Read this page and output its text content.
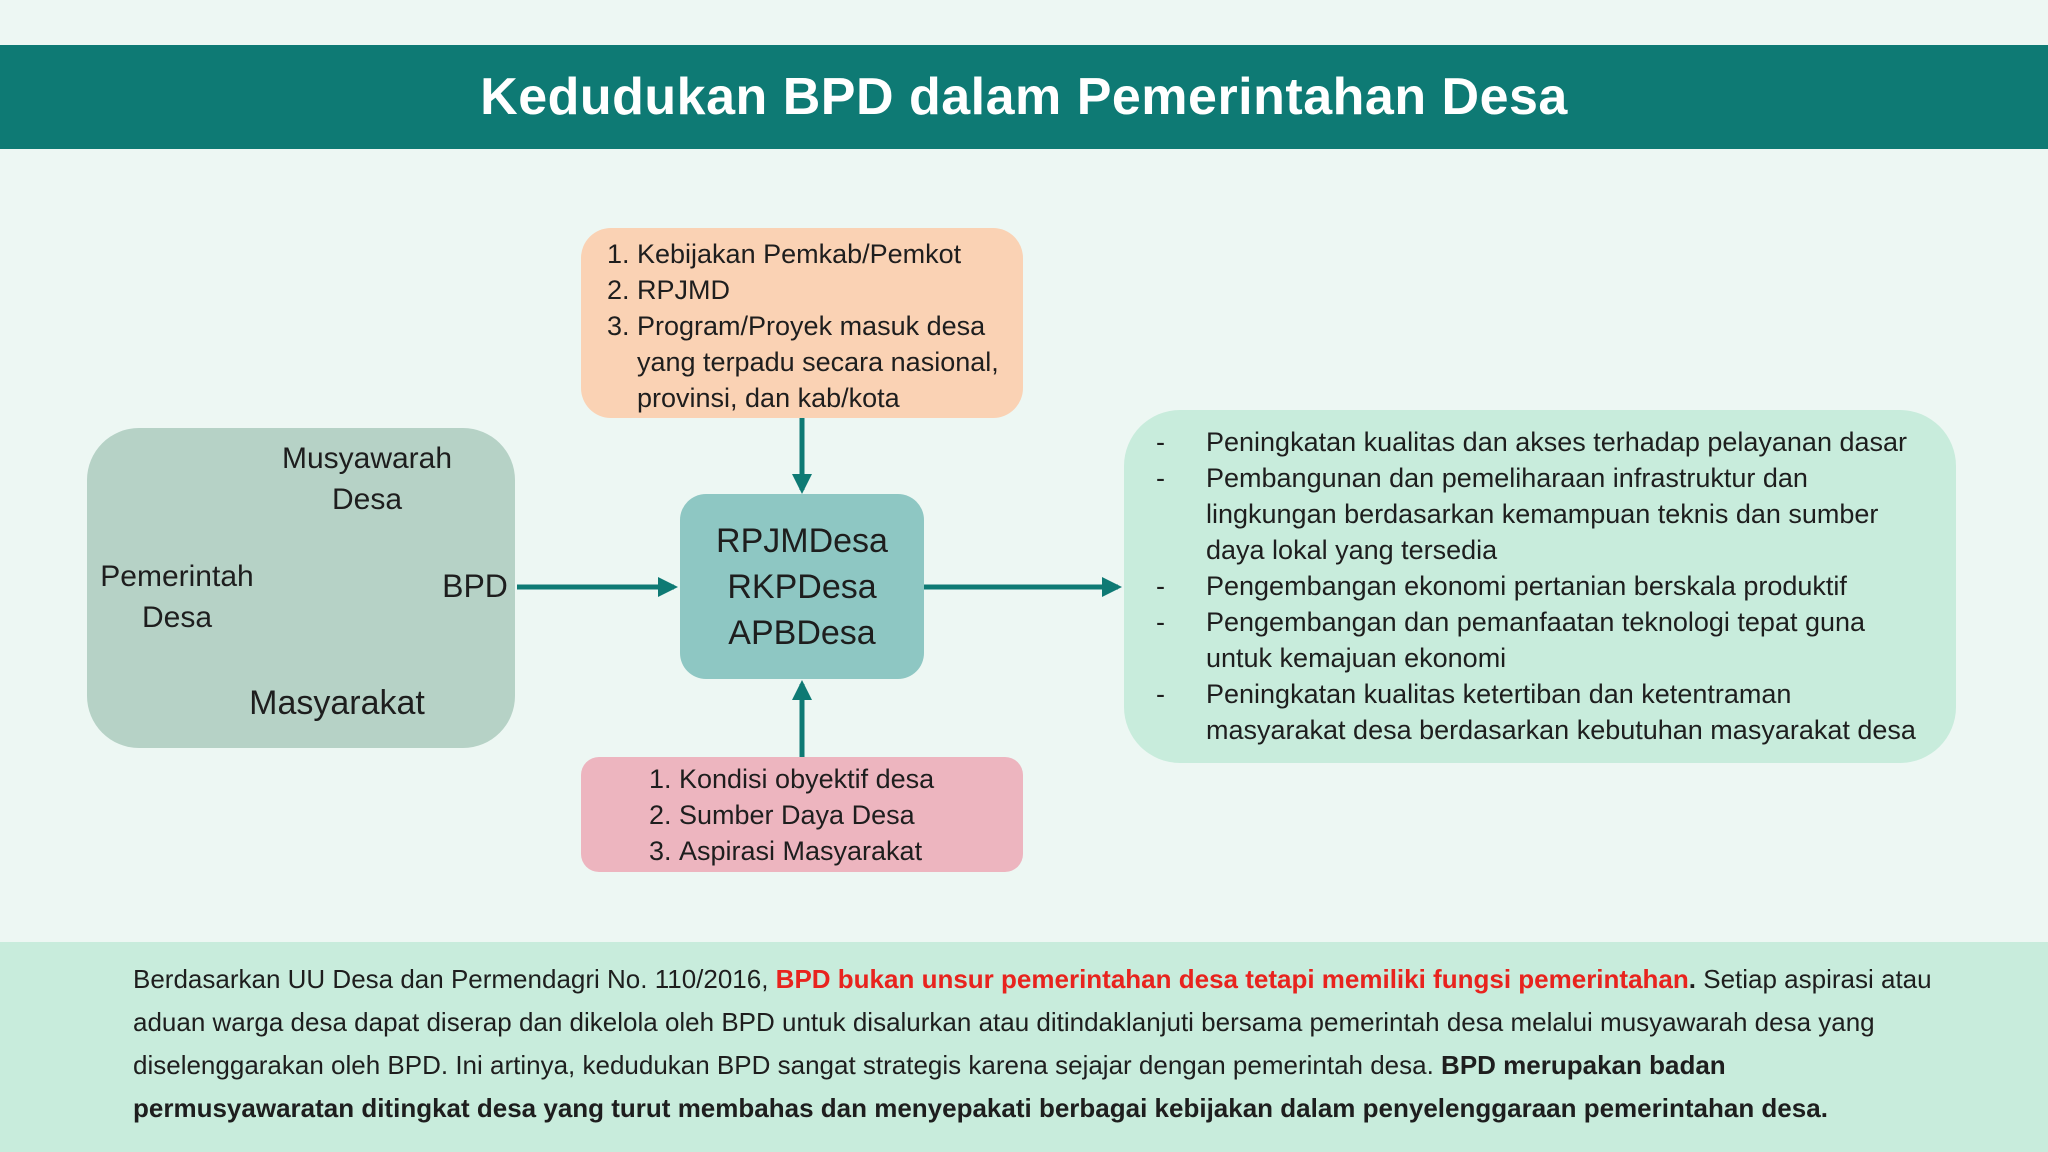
Kedudukan BPD dalam Pemerintahan Desa
Musyawarah
Desa
Pemerintah
Desa
BPD
Masyarakat
1. Kebijakan Pemkab/Pemkot
2. RPJMD
3. Program/Proyek masuk desa yang terpadu secara nasional, provinsi, dan kab/kota
RPJMDesa
RKPDesa
APBDesa
1. Kondisi obyektif desa
2. Sumber Daya Desa
3. Aspirasi Masyarakat
-	Peningkatan kualitas dan akses terhadap pelayanan dasar
-	Pembangunan dan pemeliharaan infrastruktur dan lingkungan berdasarkan kemampuan teknis dan sumber daya lokal yang tersedia
-	Pengembangan ekonomi pertanian berskala produktif
-	Pengembangan dan pemanfaatan teknologi tepat guna untuk kemajuan ekonomi
-	Peningkatan kualitas ketertiban dan ketentraman masyarakat desa berdasarkan kebutuhan masyarakat desa

Berdasarkan UU Desa dan Permendagri No. 110/2016, BPD bukan unsur pemerintahan desa tetapi memiliki fungsi pemerintahan. Setiap aspirasi atau aduan warga desa dapat diserap dan dikelola oleh BPD untuk disalurkan atau ditindaklanjuti bersama pemerintah desa melalui musyawarah desa yang diselenggarakan oleh BPD. Ini artinya, kedudukan BPD sangat strategis karena sejajar dengan pemerintah desa. BPD merupakan badan permusyawaratan ditingkat desa yang turut membahas dan menyepakati berbagai kebijakan dalam penyelenggaraan pemerintahan desa.
